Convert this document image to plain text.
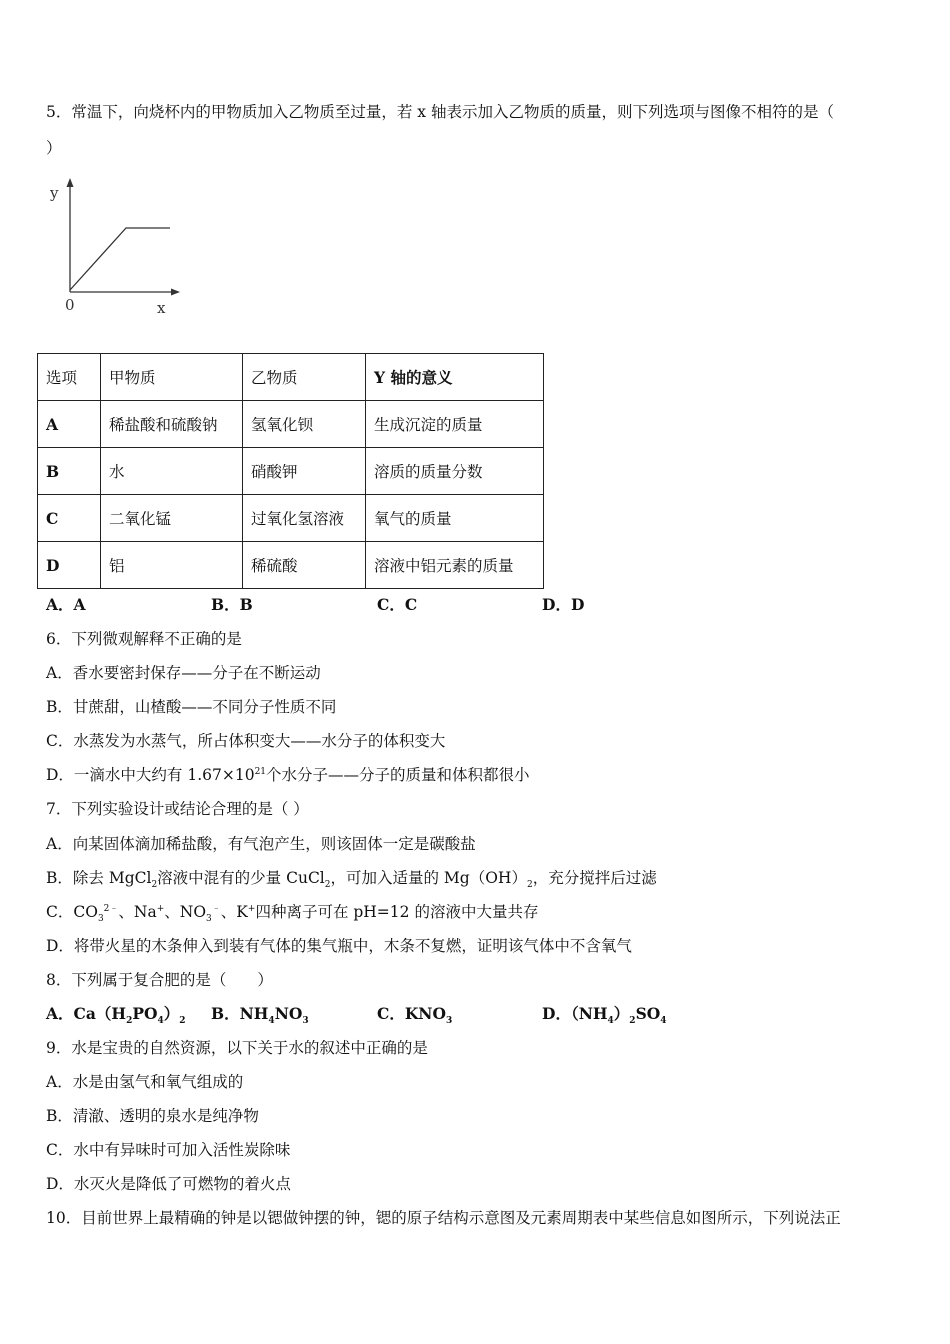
5．常温下，向烧杯内的甲物质加入乙物质至过量，若 x 轴表示加入乙物质的质量，则下列选项与图像不相符的是（
）
y
0	x
选项	甲物质	乙物质	Y 轴的意义
A	稀盐酸和硫酸钠	氢氧化钡	生成沉淀的质量
B	水	硝酸钾	溶质的质量分数
C	二氧化锰	过氧化氢溶液	氧气的质量
D	铝	稀硫酸	溶液中铝元素的质量
A．A	B．B	C．C	D．D
6．下列微观解释不正确的是
A．香水要密封保存——分子在不断运动
B．甘蔗甜，山楂酸——不同分子性质不同
C．水蒸发为水蒸气，所占体积变大——水分子的体积变大
D．一滴水中大约有 $1.67\times 10^{21}$个水分子——分子的质量和体积都很小
7．下列实验设计或结论合理的是（ ）
A．向某固体滴加稀盐酸，有气泡产生，则该固体一定是碳酸盐
B．除去 MgCl$_2$溶液中混有的少量 CuCl$_2$，可加入适量的 $Mg(OH)_2$，充分搅拌后过滤
C．$CO_3^{2﹣}$、Na+、$NO_3^﹣$、K+四种离子可在 pH=12 的溶液中大量共存
D．将带火星的木条伸入到装有气体的集气瓶中，木条不复燃，证明该气体中不含氧气
8．下列属于复合肥的是（　　）
A．$Ca(H_2PO_4)_2$ B．$NH_4NO_3$	C．$KNO_3$	D．$(NH_4)_2SO_4$
9．水是宝贵的自然资源，以下关于水的叙述中正确的是
A．水是由氢气和氧气组成的
B．清澈、透明的泉水是纯净物
C．水中有异味时可加入活性炭除味
D．水灭火是降低了可燃物的着火点
10．目前世界上最精确的钟是以锶做钟摆的钟，锶的原子结构示意图及元素周期表中某些信息如图所示，下列说法正
